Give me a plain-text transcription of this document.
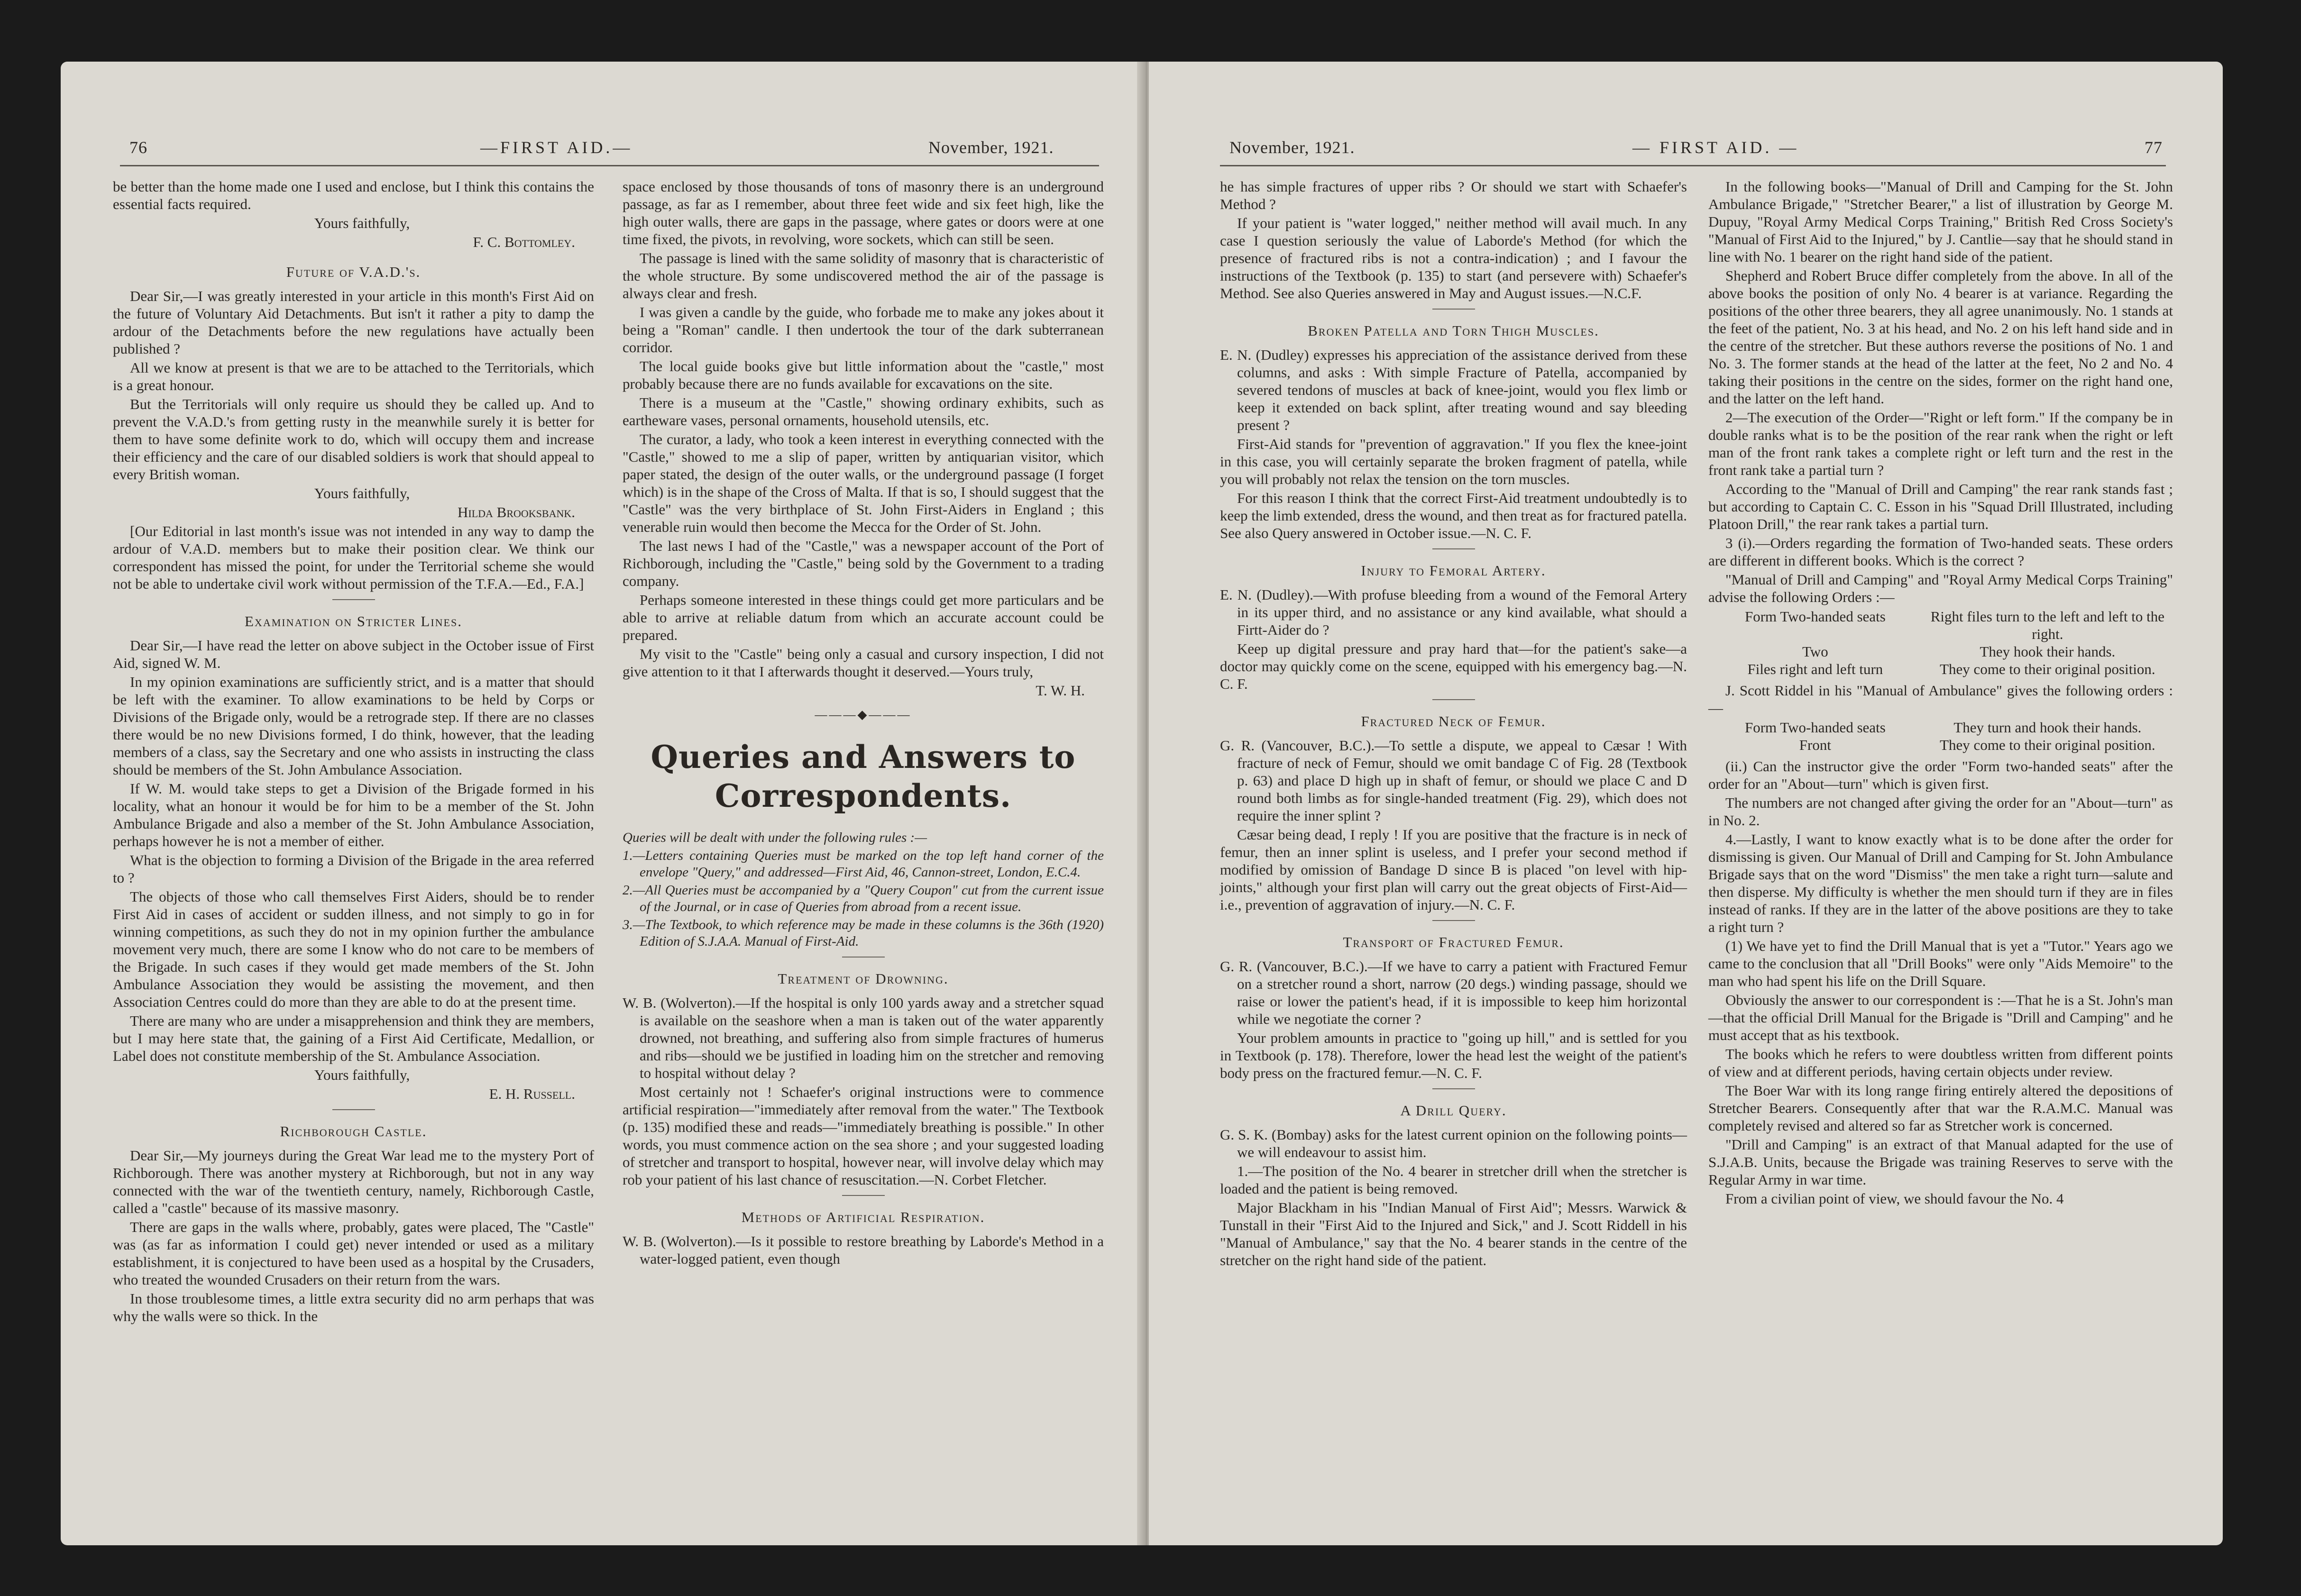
76	—FIRST AID.—	November, 1921.

be better than the home made one I used and enclose, but I think this contains the essential facts required.

Yours faithfully,

F. C. Bottomley.

Future of V.A.D.'s.

Dear Sir,—I was greatly interested in your article in this month's First Aid on the future of Voluntary Aid Detachments. But isn't it rather a pity to damp the ardour of the Detachments before the new regulations have actually been published ?

All we know at present is that we are to be attached to the Territorials, which is a great honour.

But the Territorials will only require us should they be called up. And to prevent the V.A.D.'s from getting rusty in the meanwhile surely it is better for them to have some definite work to do, which will occupy them and increase their efficiency and the care of our disabled soldiers is work that should appeal to every British woman.

Yours faithfully,

Hilda Brooksbank.

[Our Editorial in last month's issue was not intended in any way to damp the ardour of V.A.D. members but to make their position clear. We think our correspondent has missed the point, for under the Territorial scheme she would not be able to undertake civil work without permission of the T.F.A.—Ed., F.A.]

Examination on Stricter Lines.

Dear Sir,—I have read the letter on above subject in the October issue of First Aid, signed W. M.

In my opinion examinations are sufficiently strict, and is a matter that should be left with the examiner. To allow examinations to be held by Corps or Divisions of the Brigade only, would be a retrograde step. If there are no classes there would be no new Divisions formed, I do think, however, that the leading members of a class, say the Secretary and one who assists in instructing the class should be members of the St. John Ambulance Association.

If W. M. would take steps to get a Division of the Brigade formed in his locality, what an honour it would be for him to be a member of the St. John Ambulance Brigade and also a member of the St. John Ambulance Association, perhaps however he is not a member of either.

What is the objection to forming a Division of the Brigade in the area referred to ?

The objects of those who call themselves First Aiders, should be to render First Aid in cases of accident or sudden illness, and not simply to go in for winning competitions, as such they do not in my opinion further the ambulance movement very much, there are some I know who do not care to be members of the Brigade. In such cases if they would get made members of the St. John Ambulance Association they would be assisting the movement, and then Association Centres could do more than they are able to do at the present time.

There are many who are under a misapprehension and think they are members, but I may here state that, the gaining of a First Aid Certificate, Medallion, or Label does not constitute membership of the St. Ambulance Association.

Yours faithfully,

E. H. Russell.

Richborough Castle.

Dear Sir,—My journeys during the Great War lead me to the mystery Port of Richborough. There was another mystery at Richborough, but not in any way connected with the war of the twentieth century, namely, Richborough Castle, called a "castle" because of its massive masonry.

There are gaps in the walls where, probably, gates were placed, The "Castle" was (as far as information I could get) never intended or used as a military establishment, it is conjectured to have been used as a hospital by the Crusaders, who treated the wounded Crusaders on their return from the wars.

In those troublesome times, a little extra security did no arm perhaps that was why the walls were so thick. In the

space enclosed by those thousands of tons of masonry there is an underground passage, as far as I remember, about three feet wide and six feet high, like the high outer walls, there are gaps in the passage, where gates or doors were at one time fixed, the pivots, in revolving, wore sockets, which can still be seen.

The passage is lined with the same solidity of masonry that is characteristic of the whole structure. By some undiscovered method the air of the passage is always clear and fresh.

I was given a candle by the guide, who forbade me to make any jokes about it being a "Roman" candle. I then undertook the tour of the dark subterranean corridor.

The local guide books give but little information about the "castle," most probably because there are no funds available for excavations on the site.

There is a museum at the "Castle," showing ordinary exhibits, such as eartheware vases, personal ornaments, household utensils, etc.

The curator, a lady, who took a keen interest in everything connected with the "Castle," showed to me a slip of paper, written by antiquarian visitor, which paper stated, the design of the outer walls, or the underground passage (I forget which) is in the shape of the Cross of Malta. If that is so, I should suggest that the "Castle" was the very birthplace of St. John First-Aiders in England ; this venerable ruin would then become the Mecca for the Order of St. John.

The last news I had of the "Castle," was a newspaper account of the Port of Richborough, including the "Castle," being sold by the Government to a trading company.

Perhaps someone interested in these things could get more particulars and be able to arrive at reliable datum from which an accurate account could be prepared.

My visit to the "Castle" being only a casual and cursory inspection, I did not give attention to it that I afterwards thought it deserved.—Yours truly,

T. W. H.

———◆———
Queries and Answers to Correspondents.

Queries will be dealt with under the following rules :—

1.—Letters containing Queries must be marked on the top left hand corner of the envelope "Query," and addressed—First Aid, 46, Cannon-street, London, E.C.4.

2.—All Queries must be accompanied by a "Query Coupon" cut from the current issue of the Journal, or in case of Queries from abroad from a recent issue.

3.—The Textbook, to which reference may be made in these columns is the 36th (1920) Edition of S.J.A.A. Manual of First-Aid.

Treatment of Drowning.

W. B. (Wolverton).—If the hospital is only 100 yards away and a stretcher squad is available on the seashore when a man is taken out of the water apparently drowned, not breathing, and suffering also from simple fractures of humerus and ribs—should we be justified in loading him on the stretcher and removing to hospital without delay ?

Most certainly not ! Schaefer's original instructions were to commence artificial respiration—"immediately after removal from the water." The Textbook (p. 135) modified these and reads—"immediately breathing is possible." In other words, you must commence action on the sea shore ; and your suggested loading of stretcher and transport to hospital, however near, will involve delay which may rob your patient of his last chance of resuscitation.—N. Corbet Fletcher.

Methods of Artificial Respiration.

W. B. (Wolverton).—Is it possible to restore breathing by Laborde's Method in a water-logged patient, even though

November, 1921.	— FIRST AID. —	77

he has simple fractures of upper ribs ? Or should we start with Schaefer's Method ?

If your patient is "water logged," neither method will avail much. In any case I question seriously the value of Laborde's Method (for which the presence of fractured ribs is not a contra-indication) ; and I favour the instructions of the Textbook (p. 135) to start (and persevere with) Schaefer's Method. See also Queries answered in May and August issues.—N.C.F.

Broken Patella and Torn Thigh Muscles.

E. N. (Dudley) expresses his appreciation of the assistance derived from these columns, and asks : With simple Fracture of Patella, accompanied by severed tendons of muscles at back of knee-joint, would you flex limb or keep it extended on back splint, after treating wound and say bleeding present ?

First-Aid stands for "prevention of aggravation." If you flex the knee-joint in this case, you will certainly separate the broken fragment of patella, while you will probably not relax the tension on the torn muscles.

For this reason I think that the correct First-Aid treatment undoubtedly is to keep the limb extended, dress the wound, and then treat as for fractured patella. See also Query answered in October issue.—N. C. F.

Injury to Femoral Artery.

E. N. (Dudley).—With profuse bleeding from a wound of the Femoral Artery in its upper third, and no assistance or any kind available, what should a Firtt-Aider do ?

Keep up digital pressure and pray hard that—for the patient's sake—a doctor may quickly come on the scene, equipped with his emergency bag.—N. C. F.

Fractured Neck of Femur.

G. R. (Vancouver, B.C.).—To settle a dispute, we appeal to Cæsar ! With fracture of neck of Femur, should we omit bandage C of Fig. 28 (Textbook p. 63) and place D high up in shaft of femur, or should we place C and D round both limbs as for single-handed treatment (Fig. 29), which does not require the inner splint ?

Cæsar being dead, I reply ! If you are positive that the fracture is in neck of femur, then an inner splint is useless, and I prefer your second method if modified by omission of Bandage D since B is placed "on level with hip-joints," although your first plan will carry out the great objects of First-Aid—i.e., prevention of aggravation of injury.—N. C. F.

Transport of Fractured Femur.

G. R. (Vancouver, B.C.).—If we have to carry a patient with Fractured Femur on a stretcher round a short, narrow (20 degs.) winding passage, should we raise or lower the patient's head, if it is impossible to keep him horizontal while we negotiate the corner ?

Your problem amounts in practice to "going up hill," and is settled for you in Textbook (p. 178). Therefore, lower the head lest the weight of the patient's body press on the fractured femur.—N. C. F.

A Drill Query.

G. S. K. (Bombay) asks for the latest current opinion on the following points—we will endeavour to assist him.

1.—The position of the No. 4 bearer in stretcher drill when the stretcher is loaded and the patient is being removed.

Major Blackham in his "Indian Manual of First Aid"; Messrs. Warwick & Tunstall in their "First Aid to the Injured and Sick," and J. Scott Riddell in his "Manual of Ambulance," say that the No. 4 bearer stands in the centre of the stretcher on the right hand side of the patient.

In the following books—"Manual of Drill and Camping for the St. John Ambulance Brigade," "Stretcher Bearer," a list of illustration by George M. Dupuy, "Royal Army Medical Corps Training," British Red Cross Society's "Manual of First Aid to the Injured," by J. Cantlie—say that he should stand in line with No. 1 bearer on the right hand side of the patient.

Shepherd and Robert Bruce differ completely from the above. In all of the above books the position of only No. 4 bearer is at variance. Regarding the positions of the other three bearers, they all agree unanimously. No. 1 stands at the feet of the patient, No. 3 at his head, and No. 2 on his left hand side and in the centre of the stretcher. But these authors reverse the positions of No. 1 and No. 3. The former stands at the head of the latter at the feet, No 2 and No. 4 taking their positions in the centre on the sides, former on the right hand one, and the latter on the left hand.

2—The execution of the Order—"Right or left form." If the company be in double ranks what is to be the position of the rear rank when the right or left man of the front rank takes a complete right or left turn and the rest in the front rank take a partial turn ?

According to the "Manual of Drill and Camping" the rear rank stands fast ; but according to Captain C. C. Esson in his "Squad Drill Illustrated, including Platoon Drill," the rear rank takes a partial turn.

3 (i).—Orders regarding the formation of Two-handed seats. These orders are different in different books. Which is the correct ?

"Manual of Drill and Camping" and "Royal Army Medical Corps Training" advise the following Orders :—

Form Two-handed seats	Right files turn to the left and left to the right.
Two	They hook their hands.
Files right and left turn	They come to their original position.

J. Scott Riddel in his "Manual of Ambulance" gives the following orders :—

Form Two-handed seats	They turn and hook their hands.
Front	They come to their original position.

(ii.) Can the instructor give the order "Form two-handed seats" after the order for an "About—turn" which is given first.

The numbers are not changed after giving the order for an "About—turn" as in No. 2.

4.—Lastly, I want to know exactly what is to be done after the order for dismissing is given. Our Manual of Drill and Camping for St. John Ambulance Brigade says that on the word "Dismiss" the men take a right turn—salute and then disperse. My difficulty is whether the men should turn if they are in files instead of ranks. If they are in the latter of the above positions are they to take a right turn ?

(1) We have yet to find the Drill Manual that is yet a "Tutor." Years ago we came to the conclusion that all "Drill Books" were only "Aids Memoire" to the man who had spent his life on the Drill Square.

Obviously the answer to our correspondent is :—That he is a St. John's man—that the official Drill Manual for the Brigade is "Drill and Camping" and he must accept that as his textbook.

The books which he refers to were doubtless written from different points of view and at different periods, having certain objects under review.

The Boer War with its long range firing entirely altered the depositions of Stretcher Bearers. Consequently after that war the R.A.M.C. Manual was completely revised and altered so far as Stretcher work is concerned.

"Drill and Camping" is an extract of that Manual adapted for the use of S.J.A.B. Units, because the Brigade was training Reserves to serve with the Regular Army in war time.

From a civilian point of view, we should favour the No. 4
